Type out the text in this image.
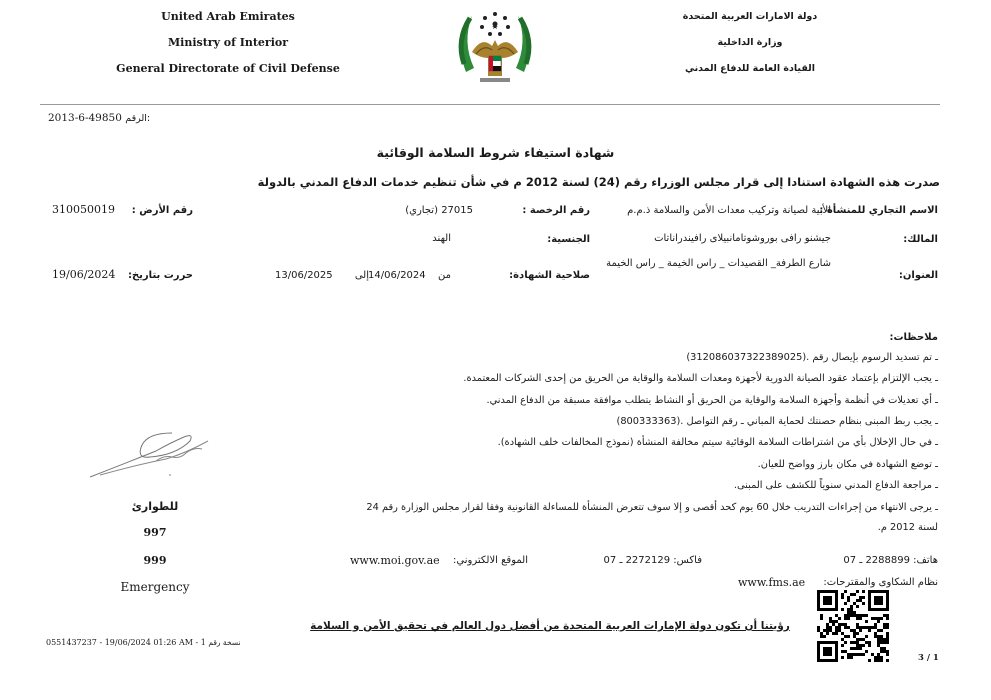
United Arab Emirates
Ministry of Interior
General Directorate of Civil Defense
دولة الامارات العربية المتحدة
وزارة الداخلية
القيادة العامة للدفاع المدني
2013-6-49850 الرقم:
شهادة استيفاء شروط السلامة الوقائية
صدرت هذه الشهادة استنادا إلى قرار مجلس الوزراء رقم (24) لسنة 2012 م في شأن تنظيم خدمات الدفاع المدني بالدولة
الاسم التجاري للمنشأة :
الأبية لصيانة وتركيب معدات الأمن والسلامة ذ.م.م
رقم الرخصة :
27015 (تجاري)
رقم الأرض :
310050019
المالك:
جيشنو رافى بوروشوتامانبيلاى رافيندراناتات
الجنسية:
الهند
العنوان:
شارع الطرفة_ القصيدات _ راس الخيمة _ راس الخيمة
صلاحية الشهادة:
من
14/06/2024
إلى
13/06/2025
حررت بتاريخ:
19/06/2024
ملاحظات:
ـ تم تسديد الرسوم بإيصال رقم .(312086037322389025)
ـ يجب الإلتزام بإعتماد عقود الصيانة الدورية لأجهزة ومعدات السلامة والوقاية من الحريق من إحدى الشركات المعتمدة.
ـ أي تعديلات في أنظمة وأجهزة السلامة والوقاية من الحريق أو النشاط يتطلب موافقة مسبقة من الدفاع المدني.
ـ يجب ربط المبنى بنظام حصنتك لحماية المباني ـ رقم التواصل .(800333363)
ـ في حال الإخلال بأي من اشتراطات السلامة الوقائية سيتم مخالفة المنشأة (نموذج المخالفات خلف الشهادة).
ـ توضع الشهادة في مكان بارز وواضح للعيان.
ـ مراجعة الدفاع المدني سنوياً للكشف على المبنى.
ـ يرجى الانتهاء من إجراءات التدريب خلال 60 يوم كحد أقصى و إلا سوف تتعرض المنشأة للمساءلة القانونية وفقا لقرار مجلس الوزارة رقم 24
لسنة 2012 م.
للطوارئ
997
999
Emergency
هاتف: 2288899 ـ 07
فاكس: 2272129 ـ 07
الموقع الالكتروني:
www.moi.gov.ae
نظام الشكاوى والمقترحات:
www.fms.ae
رؤيتنا أن تكون دولة الإمارات العربية المتحدة من أفضل دول العالم في تحقيق الأمن و السلامة
0551437237 - 19/06/2024 01:26 AM - 1 نسخة رقم
3 / 1
